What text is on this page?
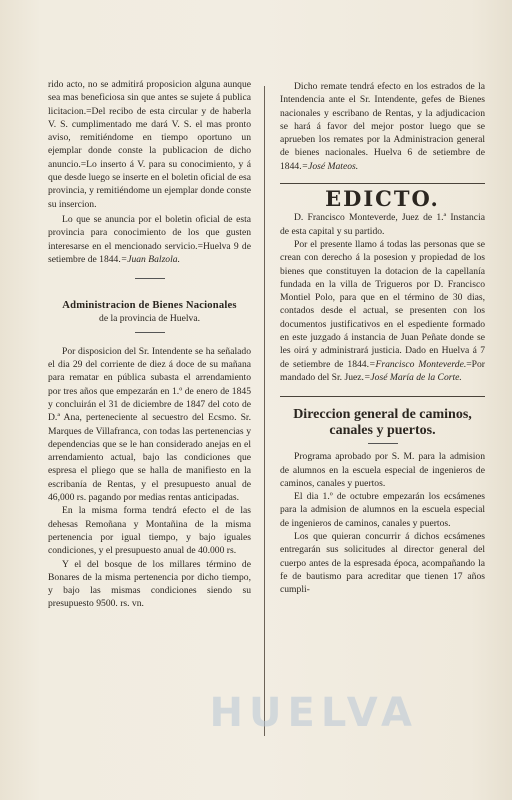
rido acto, no se admitirá proposicion alguna aunque sea mas beneficiosa sin que antes se sujete á publica licitacion.=Del recibo de esta circular y de haberla V. S. cumplimentado me dará V. S. el mas pronto aviso, remitiéndome en tiempo oportuno un ejemplar donde conste la publicacion de dicho anuncio.=Lo inserto á V. para su conocimiento, y á que desde luego se inserte en el boletin oficial de esa provincia, y remitiéndome un ejemplar donde conste su insercion.

Lo que se anuncia por el boletin oficial de esta provincia para conocimiento de los que gusten interesarse en el mencionado servicio.=Huelva 9 de setiembre de 1844.=Juan Balzola.

Administracion de Bienes Nacionales
de la provincia de Huelva.

Por disposicion del Sr. Intendente se ha señalado el dia 29 del corriente de diez á doce de su mañana para rematar en pública subasta el arrendamiento por tres años que empezarán en 1.º de enero de 1845 y concluirán el 31 de diciembre de 1847 del coto de D.ª Ana, perteneciente al secuestro del Ecsmo. Sr. Marques de Villafranca, con todas las pertenencias y dependencias que se le han considerado anejas en el arrendamiento actual, bajo las condiciones que espresa el pliego que se halla de manifiesto en la escribanía de Rentas, y el presupuesto anual de 46,000 rs. pagando por medias rentas anticipadas.

En la misma forma tendrá efecto el de las dehesas Remoñana y Montañina de la misma pertenencia por igual tiempo, y bajo iguales condiciones, y el presupuesto anual de 40.000 rs.

Y el del bosque de los millares término de Bonares de la misma pertenencia por dicho tiempo, y bajo las mismas condiciones siendo su presupuesto 9500. rs. vn.

Dicho remate tendrá efecto en los estrados de la Intendencia ante el Sr. Intendente, gefes de Bienes nacionales y escribano de Rentas, y la adjudicacion se hará á favor del mejor postor luego que se aprueben los remates por la Administracion general de bienes nacionales. Huelva 6 de setiembre de 1844.=José Mateos.

EDICTO.

D. Francisco Monteverde, Juez de 1.ª Instancia de esta capital y su partido.

Por el presente llamo á todas las personas que se crean con derecho á la posesion y propiedad de los bienes que constituyen la dotacion de la capellanía fundada en la villa de Trigueros por D. Francisco Montiel Polo, para que en el término de 30 dias, contados desde el actual, se presenten con los documentos justificativos en el espediente formado en este juzgado á instancia de Juan Peñate donde se les oirá y administrará justicia. Dado en Huelva á 7 de setiembre de 1844.=Francisco Monteverde.=Por mandado del Sr. Juez.=José María de la Corte.

Direccion general de caminos, canales y puertos.

Programa aprobado por S. M. para la admision de alumnos en la escuela especial de ingenieros de caminos, canales y puertos.

El dia 1.º de octubre empezarán los ecsámenes para la admision de alumnos en la escuela especial de ingenieros de caminos, canales y puertos.

Los que quieran concurrir á dichos ecsámenes entregarán sus solicitudes al director general del cuerpo antes de la espresada época, acompañando la fe de bautismo para acreditar que tienen 17 años cumpli-

HUELVA
